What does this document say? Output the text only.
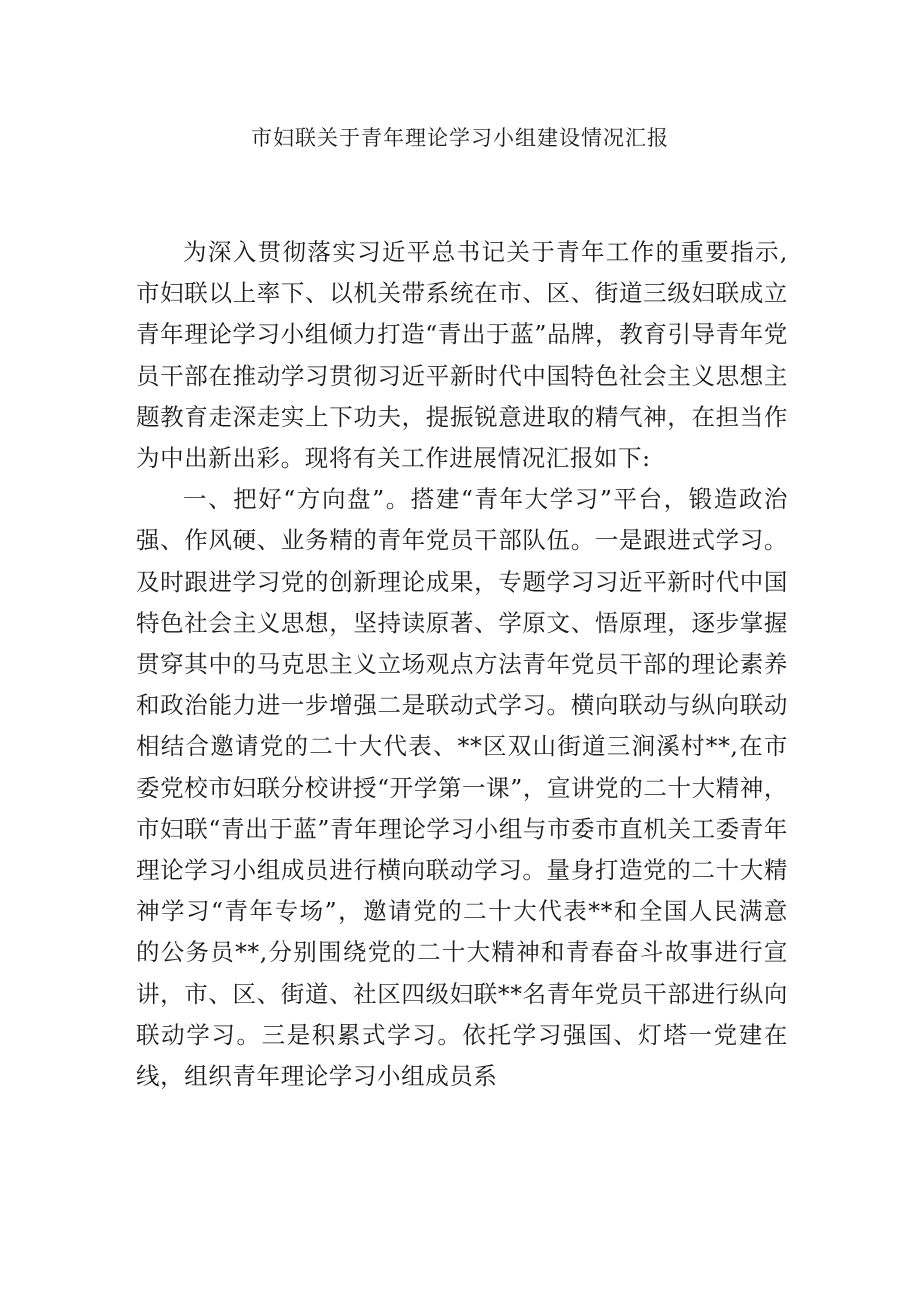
市妇联关于青年理论学习小组建设情况汇报

为深入贯彻落实习近平总书记关于青年工作的重要指示,市妇联以上率下、以机关带系统在市、区、街道三级妇联成立青年理论学习小组倾力打造“青出于蓝”品牌，教育引导青年党员干部在推动学习贯彻习近平新时代中国特色社会主义思想主题教育走深走实上下功夫，提振锐意进取的精气神，在担当作为中出新出彩。现将有关工作进展情况汇报如下:

一、把好“方向盘”。搭建“青年大学习”平台，锻造政治强、作风硬、业务精的青年党员干部队伍。一是跟进式学习。及时跟进学习党的创新理论成果，专题学习习近平新时代中国特色社会主义思想，坚持读原著、学原文、悟原理，逐步掌握贯穿其中的马克思主义立场观点方法青年党员干部的理论素养和政治能力进一步增强二是联动式学习。横向联动与纵向联动相结合邀请党的二十大代表、**区双山街道三涧溪村**,在市委党校市妇联分校讲授“开学第一课”，宣讲党的二十大精神，市妇联“青出于蓝”青年理论学习小组与市委市直机关工委青年理论学习小组成员进行横向联动学习。量身打造党的二十大精神学习“青年专场”，邀请党的二十大代表**和全国人民满意的公务员**,分别围绕党的二十大精神和青春奋斗故事进行宣讲，市、区、街道、社区四级妇联**名青年党员干部进行纵向联动学习。三是积累式学习。依托学习强国、灯塔一党建在线，组织青年理论学习小组成员系
